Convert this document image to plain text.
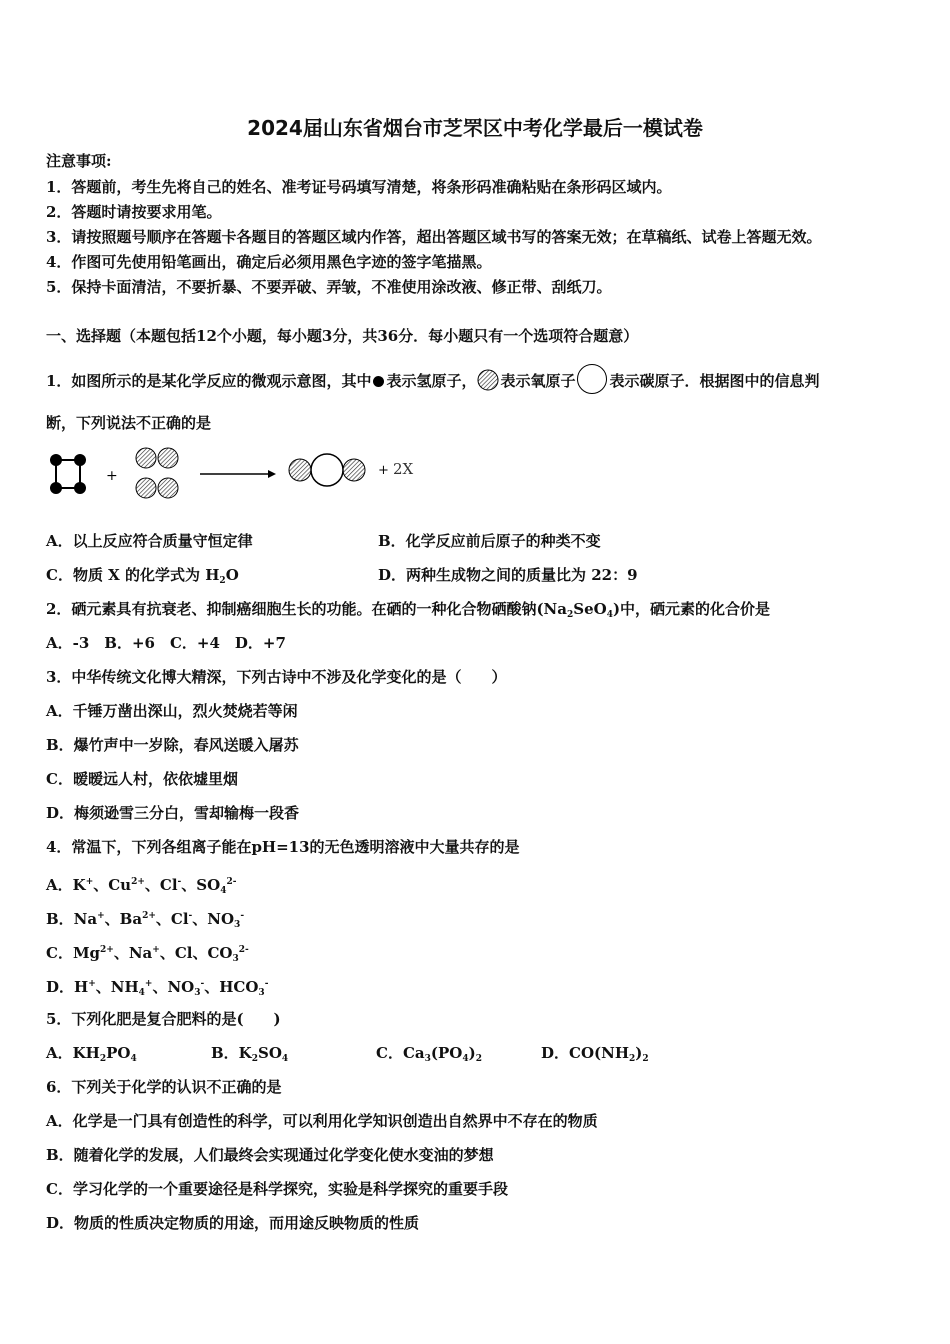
2024届山东省烟台市芝罘区中考化学最后一模试卷
注意事项:
1．答题前，考生先将自己的姓名、准考证号码填写清楚，将条形码准确粘贴在条形码区域内。
2．答题时请按要求用笔。
3．请按照题号顺序在答题卡各题目的答题区域内作答，超出答题区域书写的答案无效；在草稿纸、试卷上答题无效。
4．作图可先使用铅笔画出，确定后必须用黑色字迹的签字笔描黑。
5．保持卡面清洁，不要折暴、不要弄破、弄皱，不准使用涂改液、修正带、刮纸刀。
一、选择题（本题包括12个小题，每小题3分，共36分．每小题只有一个选项符合题意）
1．如图所示的是某化学反应的微观示意图，其中 表示氢原子， 表示氧原子 表示碳原子．根据图中的信息判
断，下列说法不正确的是
+	+ 2X
A．以上反应符合质量守恒定律	B．化学反应前后原子的种类不变
C．物质 X 的化学式为 $H_2O$	D．两种生成物之间的质量比为 22：9
2．硒元素具有抗衰老、抑制癌细胞生长的功能。在硒的一种化合物硒酸钠$(Na_2SeO_4)$中，硒元素的化合价是
A．-3　B．+6　C．+4　D．+7
3．中华传统文化博大精深，下列古诗中不涉及化学变化的是（　　）
A．千锤万凿出深山，烈火焚烧若等闲
B．爆竹声中一岁除，春风送暖入屠苏
C．暧暧远人村，依依墟里烟
D．梅须逊雪三分白，雪却输梅一段香
4．常温下，下列各组离子能在pH=13的无色透明溶液中大量共存的是
A．K+、$Cu^{2+}$、Cl-、$SO_4^{2-}$
B．Na+、$Ba^{2+}$、Cl-、$NO_3^-$
C．$Mg^{2+}$、Na+、Cl、$CO_3^{2-}$
D．H+、$NH_4^+$、$NO_3^-$、$HCO_3^-$
5．下列化肥是复合肥料的是(　　)
A．$KH_2PO_4$	B．$K_2SO_4$	C．$Ca_3(PO_4)_2$	D．$CO(NH_2)_2$
6．下列关于化学的认识不正确的是
A．化学是一门具有创造性的科学，可以利用化学知识创造出自然界中不存在的物质
B．随着化学的发展，人们最终会实现通过化学变化使水变油的梦想
C．学习化学的一个重要途径是科学探究，实验是科学探究的重要手段
D．物质的性质决定物质的用途，而用途反映物质的性质
